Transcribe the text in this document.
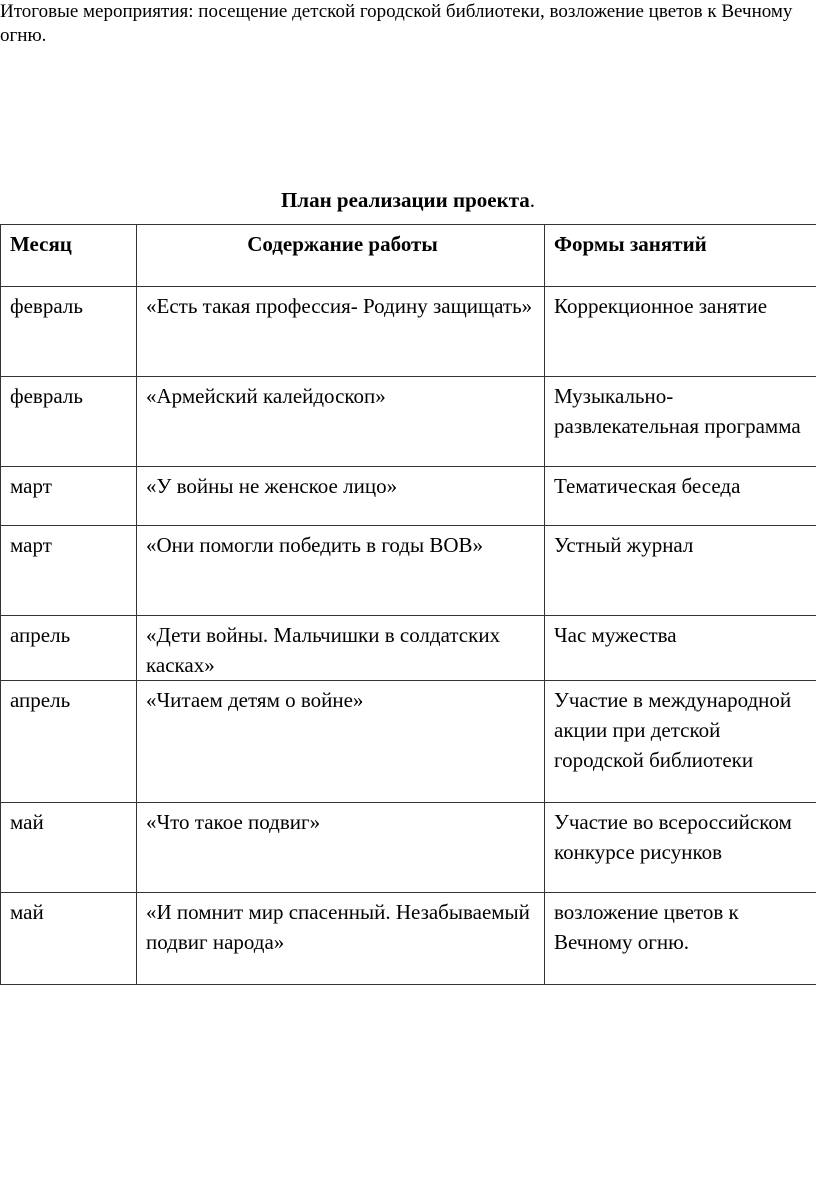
Итоговые мероприятия: посещение детской городской библиотеки, возложение цветов к Вечному огню.

План реализации проекта.

Месяц	Содержание работы	Формы занятий
февраль	«Есть такая профессия- Родину защищать»	Коррекционное занятие
февраль	«Армейский калейдоскоп»	Музыкально-развлекательная программа
март	«У войны не женское лицо»	Тематическая беседа
март	«Они помогли победить в годы ВОВ»	Устный журнал
апрель	«Дети войны. Мальчишки в солдатских касках»	Час мужества
апрель	«Читаем детям о войне»	Участие в международной акции при детской городской библиотеки
май	«Что такое подвиг»	Участие во всероссийском конкурсе рисунков
май	«И помнит мир спасенный. Незабываемый подвиг народа»	возложение цветов к Вечному огню.
